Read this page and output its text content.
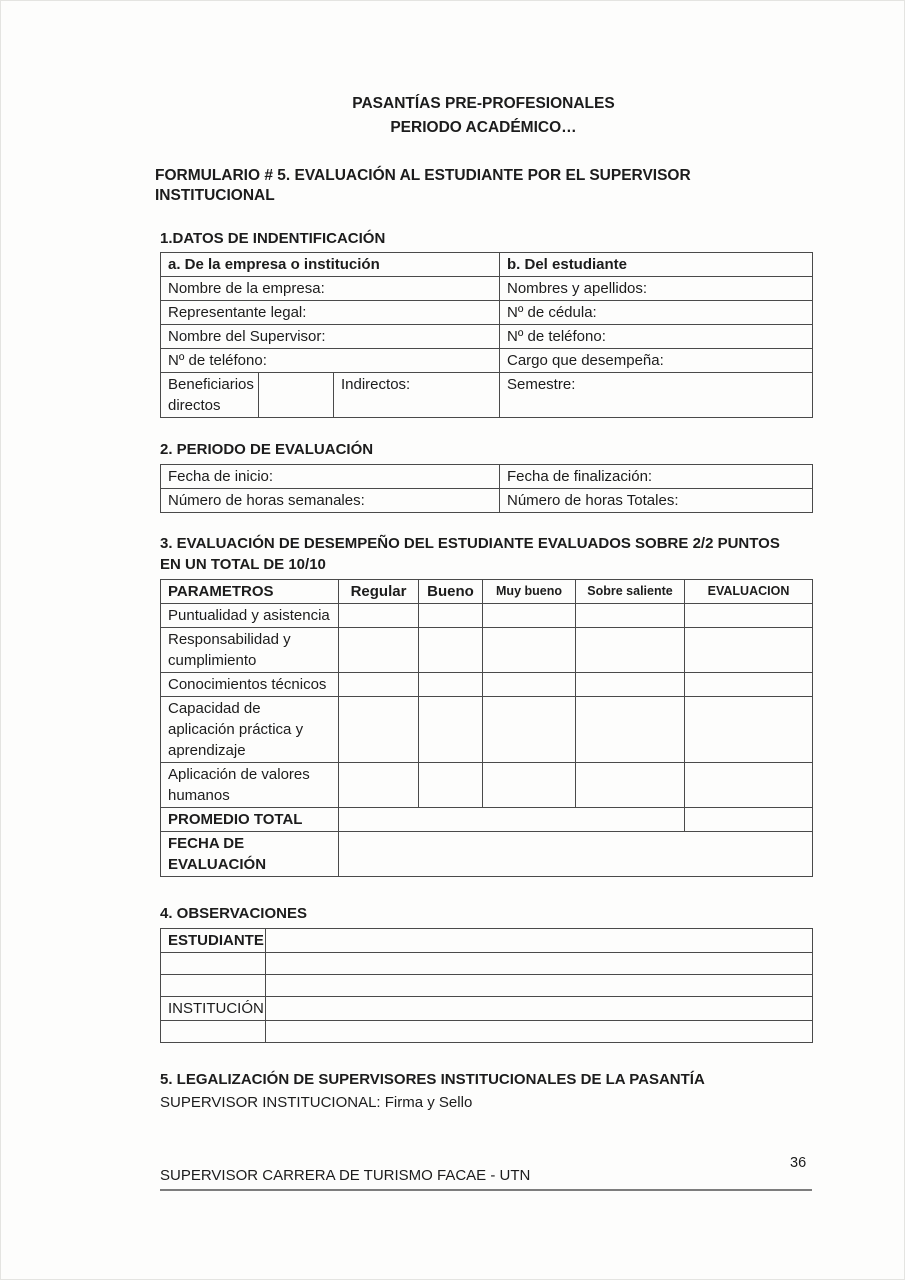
PASANTÍAS PRE-PROFESIONALES
PERIODO ACADÉMICO…
FORMULARIO # 5. EVALUACIÓN AL ESTUDIANTE POR EL SUPERVISOR INSTITUCIONAL
1.DATOS DE INDENTIFICACIÓN
a. De la empresa o institución			b. Del estudiante
Nombre de la empresa:			Nombres y apellidos:
Representante legal:			Nº de cédula:
Nombre del Supervisor:			Nº de teléfono:
Nº de teléfono:			Cargo que desempeña:
Beneficiarios directos		Indirectos:	Semestre:
2. PERIODO DE EVALUACIÓN
Fecha de inicio:	Fecha de finalización:
Número de horas semanales:	Número de horas Totales:
3. EVALUACIÓN DE DESEMPEÑO DEL ESTUDIANTE EVALUADOS SOBRE 2/2 PUNTOS EN UN TOTAL DE 10/10
PARAMETROS	Regular	Bueno	Muy bueno	Sobre saliente	EVALUACION
Puntualidad y asistencia					
Responsabilidad y cumplimiento					
Conocimientos técnicos					
Capacidad de aplicación práctica y aprendizaje					
Aplicación de valores humanos					
PROMEDIO TOTAL					
FECHA DE EVALUACIÓN					
4. OBSERVACIONES
ESTUDIANTE	

INSTITUCIÓN	

5. LEGALIZACIÓN DE SUPERVISORES INSTITUCIONALES DE LA PASANTÍA
SUPERVISOR INSTITUCIONAL: Firma y Sello
SUPERVISOR CARRERA DE TURISMO FACAE - UTN
36
